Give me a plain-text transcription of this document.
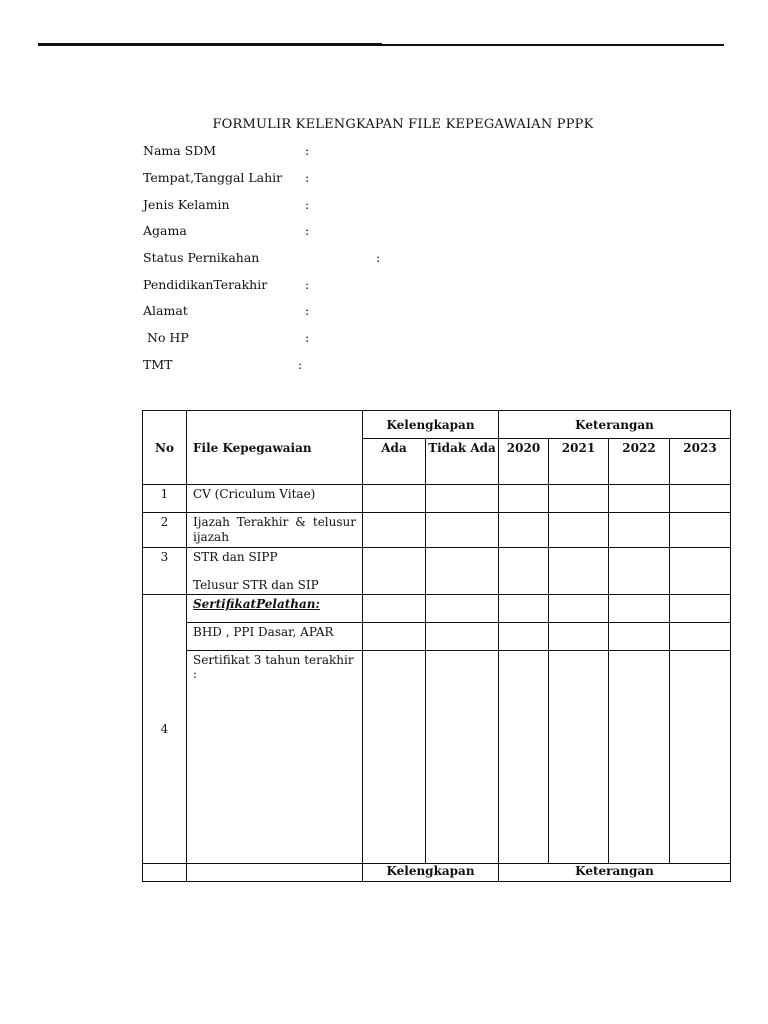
FORMULIR KELENGKAPAN FILE KEPEGAWAIAN PPPK
Nama SDM	:
Tempat,Tanggal Lahir :
Jenis Kelamin	:
Agama	:
Status Pernikahan	:
PendidikanTerakhir	:
Alamat	:
No HP	:
TMT	:
No	File Kepegawaian	Kelengkapan		Keterangan			
		Ada	Tidak Ada	2020	2021	2022	2023
1	CV (Criculum Vitae)						
2	Ijazah Terakhir & telusur ijazah						
3	STR dan SIPP
Telusur STR dan SIP						

4	SertifikatPelathan:						
	BHD , PPI Dasar, APAR						
	Sertifikat 3 tahun terakhir :						
		Kelengkapan		Keterangan			
